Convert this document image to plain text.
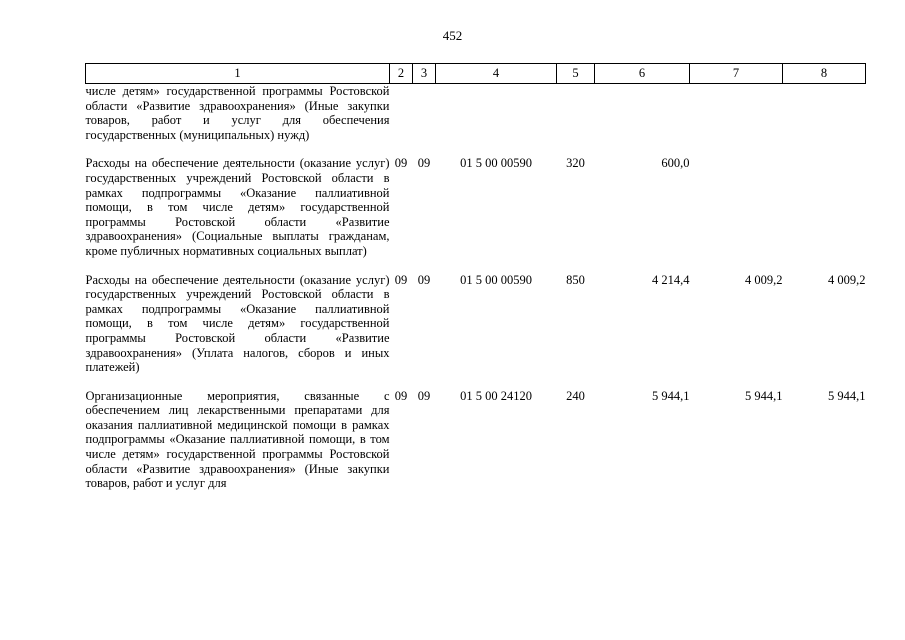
452
1	2	3	4	5	6	7	8
числе детям» государственной программы Ростовской области «Развитие здравоохранения» (Иные закупки товаров, работ и услуг для обеспечения государственных (муниципальных) нужд)							
Расходы на обеспечение деятельности (оказание услуг) государственных учреждений Ростовской области в рамках подпрограммы «Оказание паллиативной помощи, в том числе детям» государственной программы Ростовской области «Развитие здравоохранения» (Социальные выплаты гражданам, кроме публичных нормативных социальных выплат)	09	09	01 5 00 00590	320	600,0		
Расходы на обеспечение деятельности (оказание услуг) государственных учреждений Ростовской области в рамках подпрограммы «Оказание паллиативной помощи, в том числе детям» государственной программы Ростовской области «Развитие здравоохранения» (Уплата налогов, сборов и иных платежей)	09	09	01 5 00 00590	850	4 214,4	4 009,2	4 009,2
Организационные мероприятия, связанные с обеспечением лиц лекарственными препаратами для оказания паллиативной медицинской помощи в рамках подпрограммы «Оказание паллиативной помощи, в том числе детям» государственной программы Ростовской области «Развитие здравоохранения» (Иные закупки товаров, работ и услуг для	09	09	01 5 00 24120	240	5 944,1	5 944,1	5 944,1
